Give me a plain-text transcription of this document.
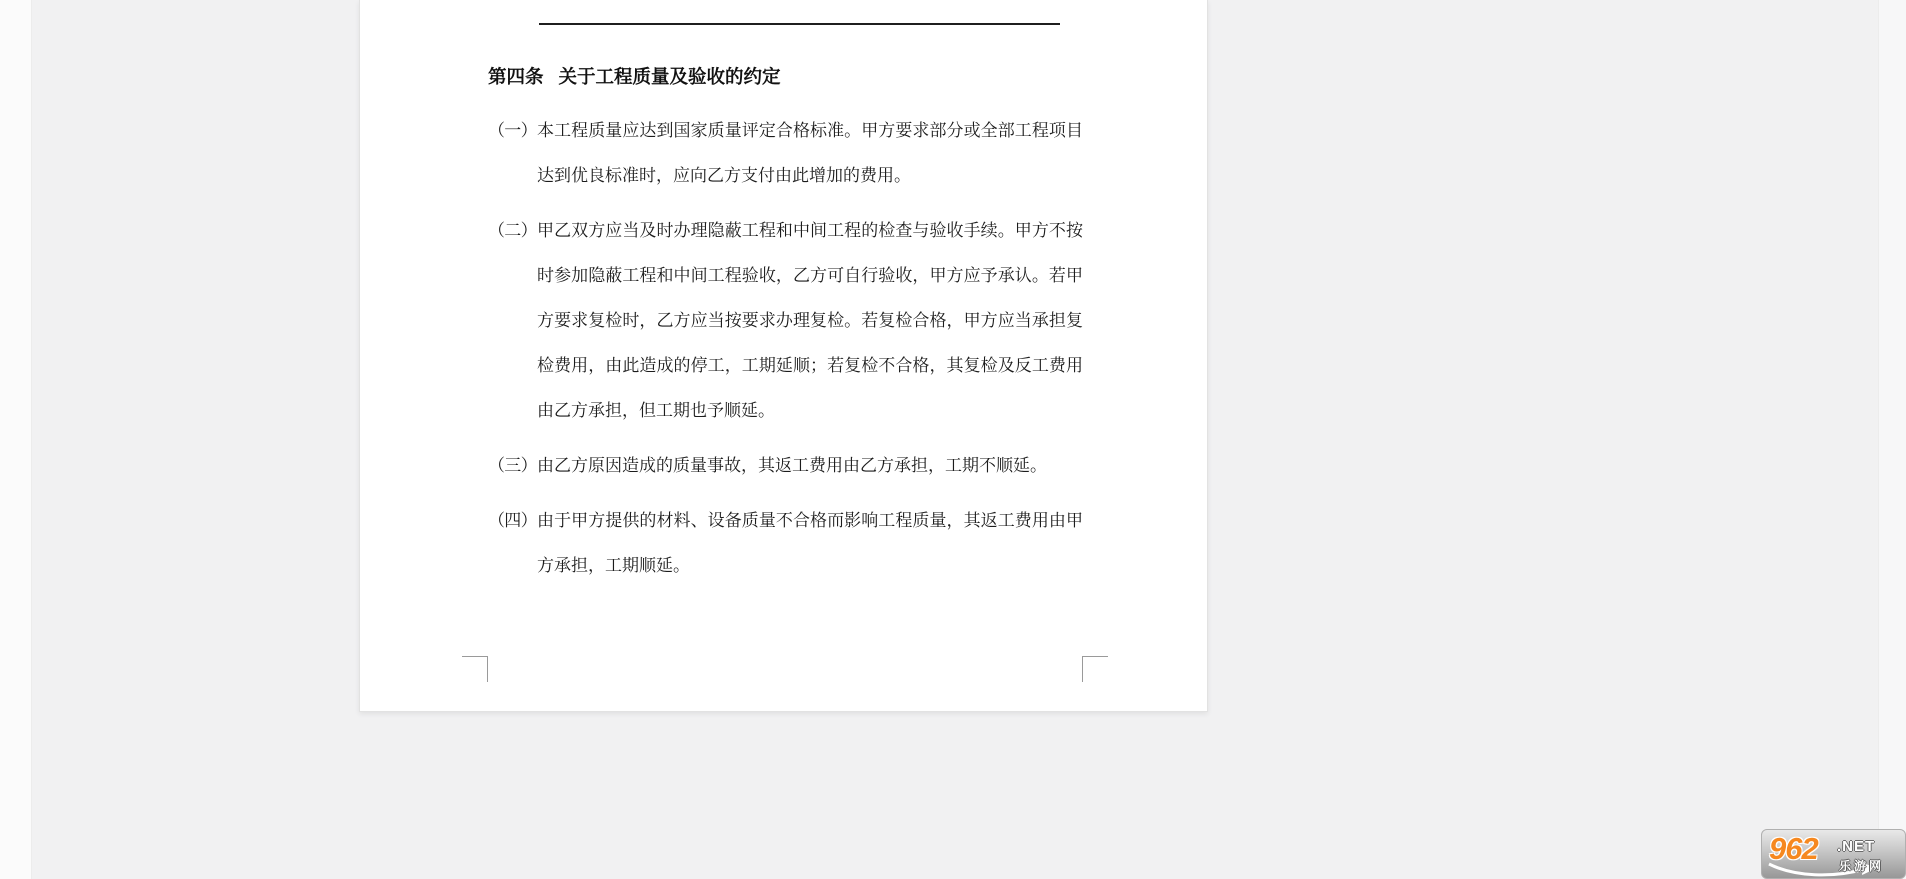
第四条 关于工程质量及验收的约定
（一） 本工程质量应达到国家质量评定合格标准。甲方要求部分或全部工程项目
达到优良标准时，应向乙方支付由此增加的费用。
（二） 甲乙双方应当及时办理隐蔽工程和中间工程的检查与验收手续。甲方不按
时参加隐蔽工程和中间工程验收，乙方可自行验收，甲方应予承认。若甲
方要求复检时，乙方应当按要求办理复检。若复检合格，甲方应当承担复
检费用，由此造成的停工，工期延顺；若复检不合格，其复检及反工费用
由乙方承担，但工期也予顺延。
（三） 由乙方原因造成的质量事故，其返工费用由乙方承担，工期不顺延。
（四） 由于甲方提供的材料、设备质量不合格而影响工程质量，其返工费用由甲
方承担，工期顺延。
962 .NET
乐游网
